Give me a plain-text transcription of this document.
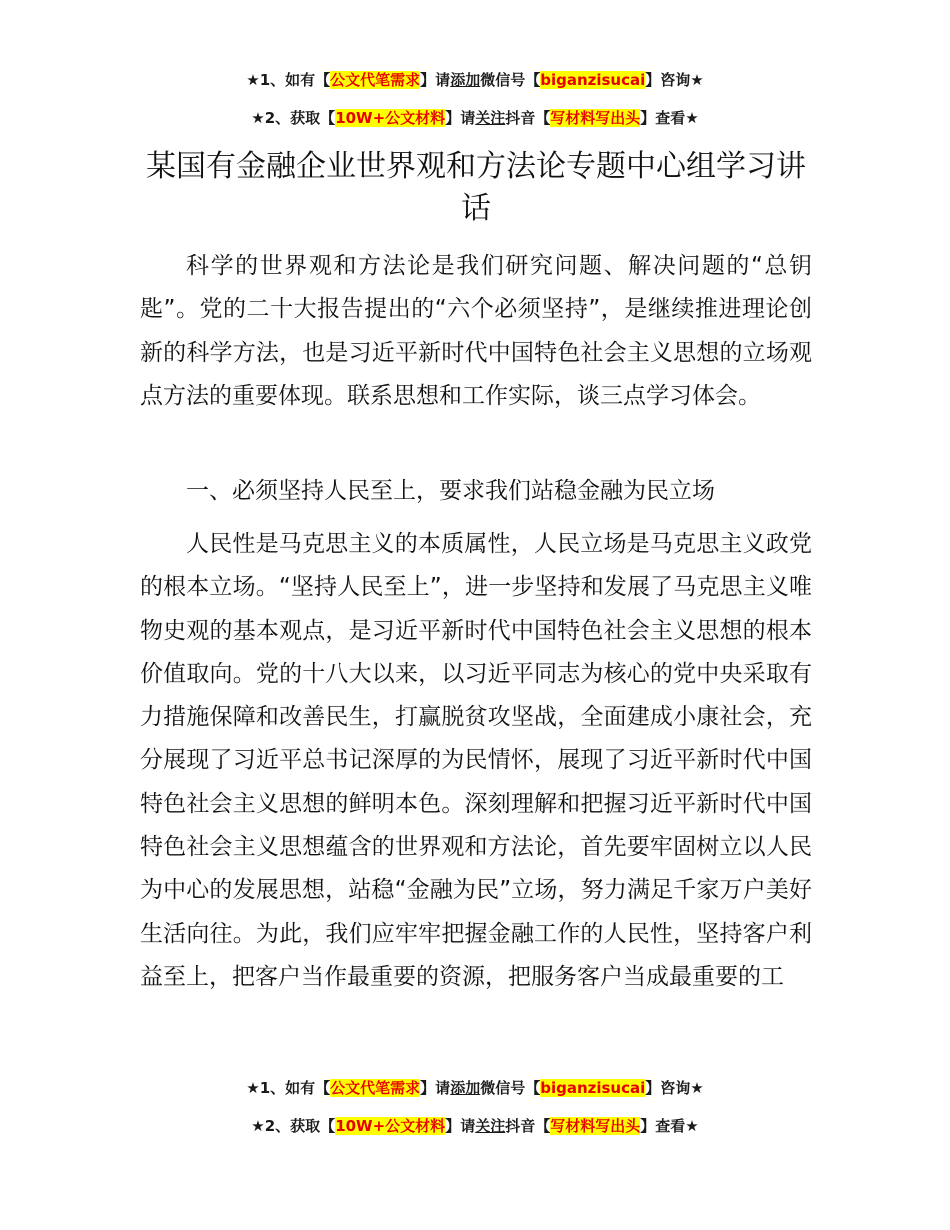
★1、如有【公文代笔需求】请添加微信号【biganzisucai】咨询★
★2、获取【10W+公文材料】请关注抖音【写材料写出头】查看★
某国有金融企业世界观和方法论专题中心组学习讲话

科学的世界观和方法论是我们研究问题、解决问题的“总钥匙”。党的二十大报告提出的“六个必须坚持”，是继续推进理论创新的科学方法，也是习近平新时代中国特色社会主义思想的立场观点方法的重要体现。联系思想和工作实际，谈三点学习体会。

一、必须坚持人民至上，要求我们站稳金融为民立场

人民性是马克思主义的本质属性，人民立场是马克思主义政党的根本立场。“坚持人民至上”，进一步坚持和发展了马克思主义唯物史观的基本观点，是习近平新时代中国特色社会主义思想的根本价值取向。党的十八大以来，以习近平同志为核心的党中央采取有力措施保障和改善民生，打赢脱贫攻坚战，全面建成小康社会，充分展现了习近平总书记深厚的为民情怀，展现了习近平新时代中国特色社会主义思想的鲜明本色。深刻理解和把握习近平新时代中国特色社会主义思想蕴含的世界观和方法论，首先要牢固树立以人民为中心的发展思想，站稳“金融为民”立场，努力满足千家万户美好生活向往。为此，我们应牢牢把握金融工作的人民性，坚持客户利益至上，把客户当作最重要的资源，把服务客户当成最重要的工

★1、如有【公文代笔需求】请添加微信号【biganzisucai】咨询★
★2、获取【10W+公文材料】请关注抖音【写材料写出头】查看★
